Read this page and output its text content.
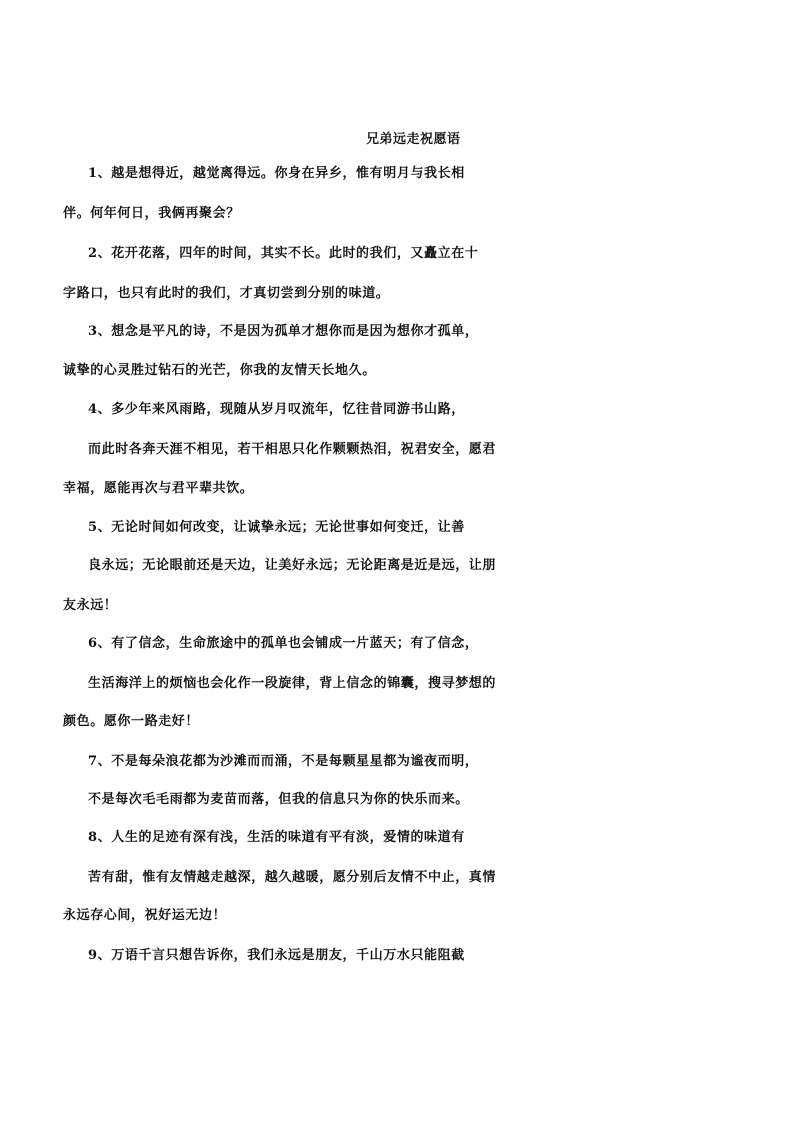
兄弟远走祝愿语
1、越是想得近，越觉离得远。你身在异乡，惟有明月与我长相
伴。何年何日，我俩再聚会？
2、花开花落，四年的时间，其实不长。此时的我们，又矗立在十
字路口，也只有此时的我们，才真切尝到分别的味道。
3、想念是平凡的诗，不是因为孤单才想你而是因为想你才孤单，
诚挚的心灵胜过钻石的光芒，你我的友情天长地久。
4、多少年来风雨路，现随从岁月叹流年，忆往昔同游书山路，
而此时各奔天涯不相见，若干相思只化作颗颗热泪，祝君安全，愿君
幸福，愿能再次与君平辈共饮。
5、无论时间如何改变，让诚挚永远；无论世事如何变迁，让善
良永远；无论眼前还是天边，让美好永远；无论距离是近是远，让朋
友永远！
6、有了信念，生命旅途中的孤单也会铺成一片蓝天；有了信念，
生活海洋上的烦恼也会化作一段旋律，背上信念的锦囊，搜寻梦想的
颜色。愿你一路走好！
7、不是每朵浪花都为沙滩而而涌，不是每颗星星都为谧夜而明，
不是每次毛毛雨都为麦苗而落，但我的信息只为你的快乐而来。
8、人生的足迹有深有浅，生活的味道有平有淡，爱情的味道有
苦有甜，惟有友情越走越深，越久越暖，愿分别后友情不中止，真情
永远存心间，祝好运无边！
9、万语千言只想告诉你，我们永远是朋友，千山万水只能阻截
